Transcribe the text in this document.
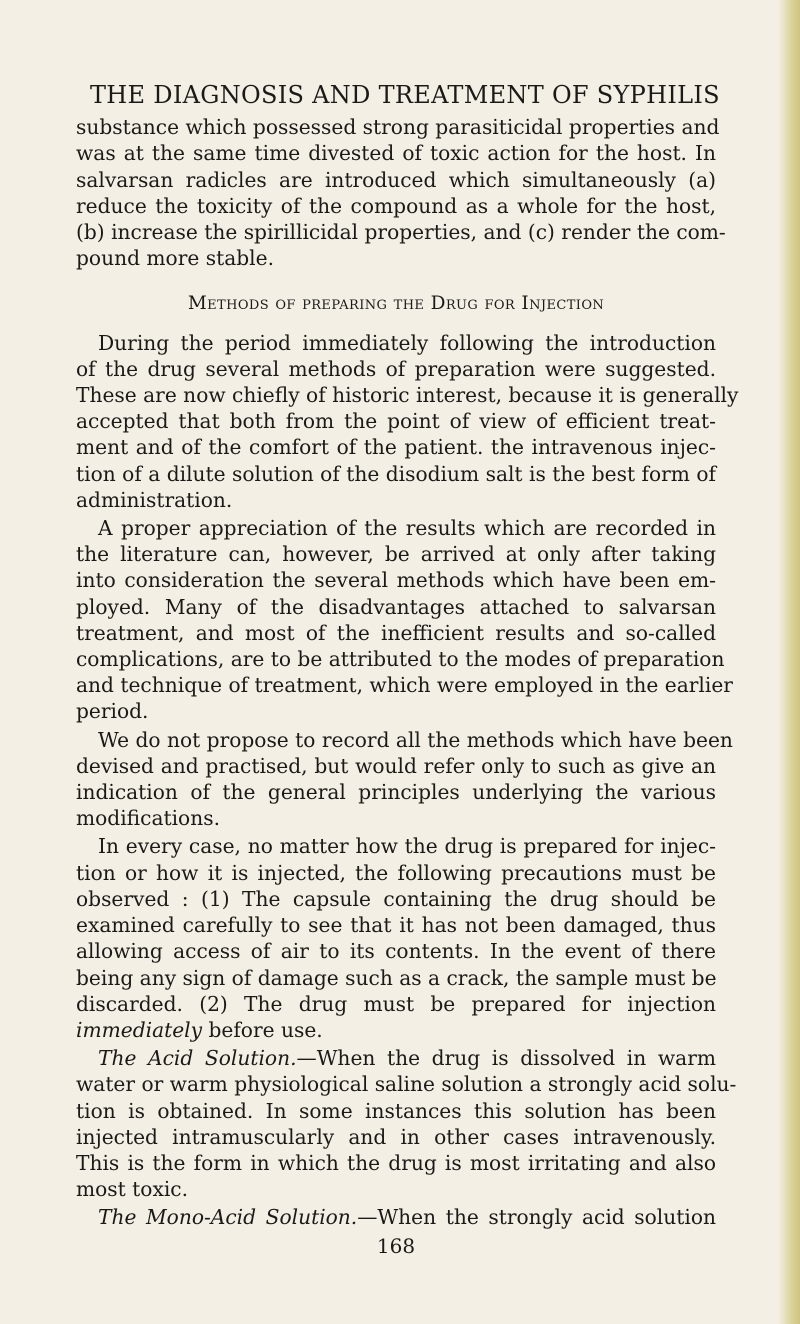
THE DIAGNOSIS AND TREATMENT OF SYPHILIS
substance which possessed strong parasiticidal properties and
was at the same time divested of toxic action for the host. In
salvarsan radicles are introduced which simultaneously (a)
reduce the toxicity of the compound as a whole for the host,
(b) increase the spirillicidal properties, and (c) render the com-
pound more stable.
Methods of preparing the Drug for Injection
During the period immediately following the introduction
of the drug several methods of preparation were suggested.
These are now chiefly of historic interest, because it is generally
accepted that both from the point of view of efficient treat-
ment and of the comfort of the patient. the intravenous injec-
tion of a dilute solution of the disodium salt is the best form of
administration.
A proper appreciation of the results which are recorded in
the literature can, however, be arrived at only after taking
into consideration the several methods which have been em-
ployed. Many of the disadvantages attached to salvarsan
treatment, and most of the inefficient results and so-called
complications, are to be attributed to the modes of preparation
and technique of treatment, which were employed in the earlier
period.
We do not propose to record all the methods which have been
devised and practised, but would refer only to such as give an
indication of the general principles underlying the various
modifications.
In every case, no matter how the drug is prepared for injec-
tion or how it is injected, the following precautions must be
observed : (1) The capsule containing the drug should be
examined carefully to see that it has not been damaged, thus
allowing access of air to its contents. In the event of there
being any sign of damage such as a crack, the sample must be
discarded. (2) The drug must be prepared for injection
immediately before use.
The Acid Solution.—When the drug is dissolved in warm
water or warm physiological saline solution a strongly acid solu-
tion is obtained. In some instances this solution has been
injected intramuscularly and in other cases intravenously.
This is the form in which the drug is most irritating and also
most toxic.
The Mono-Acid Solution.—When the strongly acid solution
168
